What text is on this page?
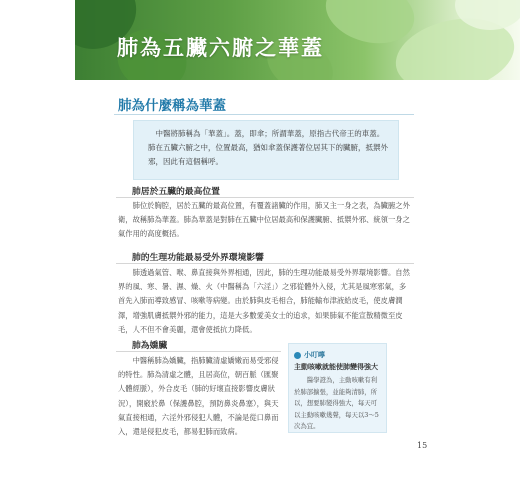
肺為五臟六腑之華蓋
肺為什麼稱為華蓋

中醫將肺稱為「華蓋」。蓋，即傘；所謂華蓋，原指古代帝王的車蓋。肺在五臟六腑之中，位置最高，猶如傘蓋保護著位居其下的臟腑，抵禦外邪，因此有這個稱呼。

肺居於五臟的最高位置

肺位於胸腔，居於五臟的最高位置，有覆蓋諸臟的作用，肺又主一身之表，為臟腑之外衛，故稱肺為華蓋。肺為華蓋是對肺在五臟中位居最高和保護臟腑、抵禦外邪、統領一身之氣作用的高度概括。

肺的生理功能最易受外界環境影響

肺透過氣管、喉、鼻直接與外界相通，因此，肺的生理功能最易受外界環境影響。自然界的風、寒、暑、濕、燥、火（中醫稱為「六淫」）之邪從體外入侵，尤其是風寒邪氣，多首先入肺而導致感冒、咳嗽等病變。由於肺與皮毛相合，肺能輸布津液給皮毛，使皮膚潤澤，增強肌膚抵禦外邪的能力，這是大多數愛美女士的追求，如果肺氣不能宣散精微至皮毛，人不但不會美麗，還會使抵抗力降低。

肺為嬌臟

中醫稱肺為嬌臟，指肺臟清虛嬌嫩而易受邪侵的特性。肺為清虛之體，且居高位，朝百脈（匯聚人體經脈），外合皮毛（肺的好壞直接影響皮膚狀況），開竅於鼻（保護鼻腔，預防鼻炎鼻塞），與天氣直接相通，六淫外邪侵犯人體，不論是從口鼻而入，還是侵犯皮毛，都易犯肺而致病。

小叮嚀

主動咳嗽就能使肺變得強大

醫學證為，主動咳嗽有利於肺部擴張，並能夠清肺，所以，想要肺變得強大，每天可以主動咳嗽幾聲，每天以3～5次為宜。

15
